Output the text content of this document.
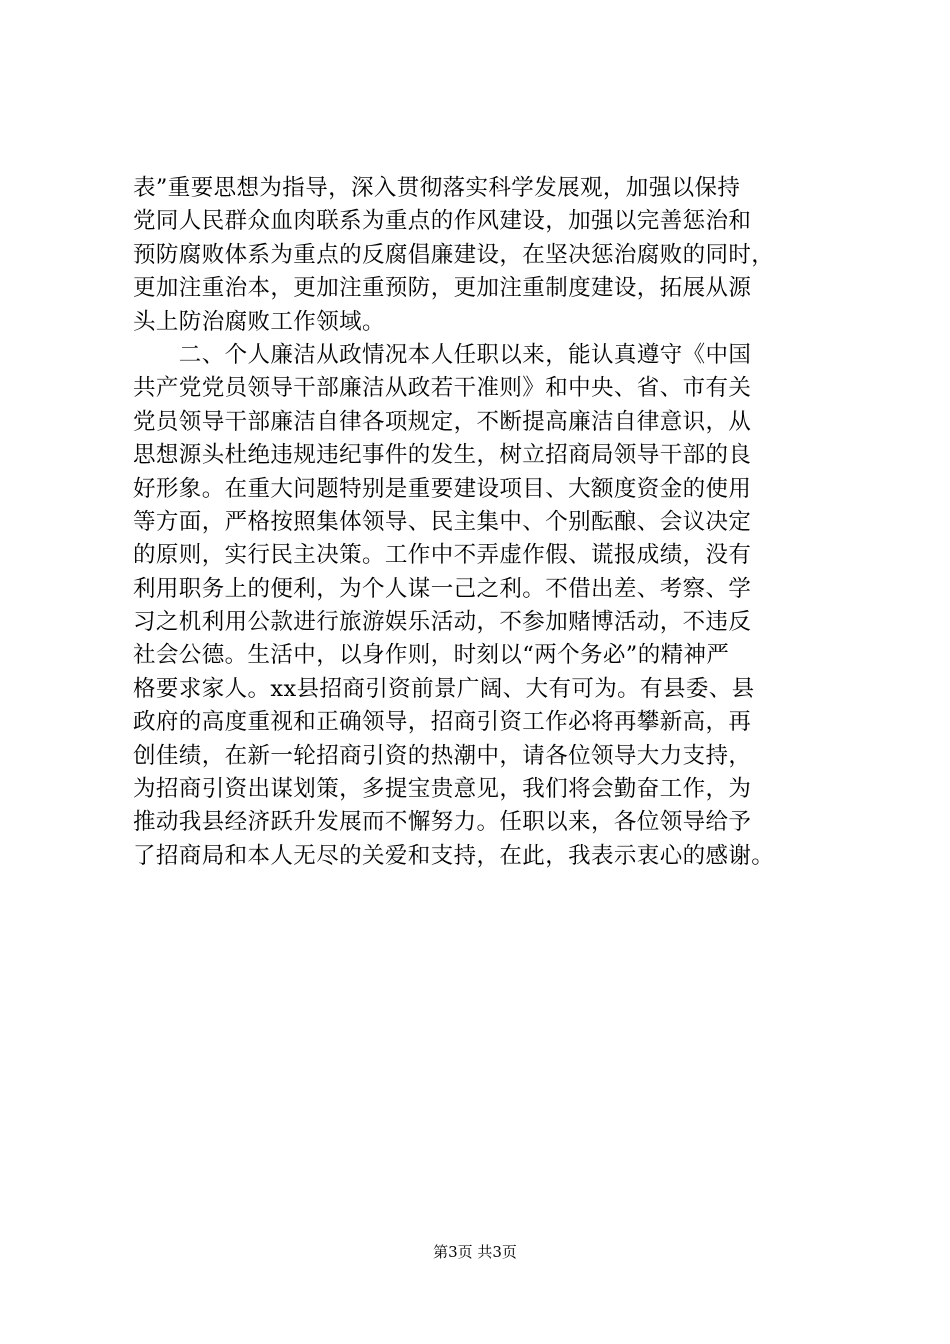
表”重要思想为指导，深入贯彻落实科学发展观，加强以保持
党同人民群众血肉联系为重点的作风建设，加强以完善惩治和
预防腐败体系为重点的反腐倡廉建设，在坚决惩治腐败的同时，
更加注重治本，更加注重预防，更加注重制度建设，拓展从源
头上防治腐败工作领域。
　　二、个人廉洁从政情况本人任职以来，能认真遵守《中国
共产党党员领导干部廉洁从政若干准则》和中央、省、市有关
党员领导干部廉洁自律各项规定，不断提高廉洁自律意识，从
思想源头杜绝违规违纪事件的发生，树立招商局领导干部的良
好形象。在重大问题特别是重要建设项目、大额度资金的使用
等方面，严格按照集体领导、民主集中、个别酝酿、会议决定
的原则，实行民主决策。工作中不弄虚作假、谎报成绩，没有
利用职务上的便利，为个人谋一己之利。不借出差、考察、学
习之机利用公款进行旅游娱乐活动，不参加赌博活动，不违反
社会公德。生活中，以身作则，时刻以“两个务必”的精神严
格要求家人。xx县招商引资前景广阔、大有可为。有县委、县
政府的高度重视和正确领导，招商引资工作必将再攀新高，再
创佳绩，在新一轮招商引资的热潮中，请各位领导大力支持，
为招商引资出谋划策，多提宝贵意见，我们将会勤奋工作，为
推动我县经济跃升发展而不懈努力。任职以来，各位领导给予
了招商局和本人无尽的关爱和支持，在此，我表示衷心的感谢。
第3页 共3页
